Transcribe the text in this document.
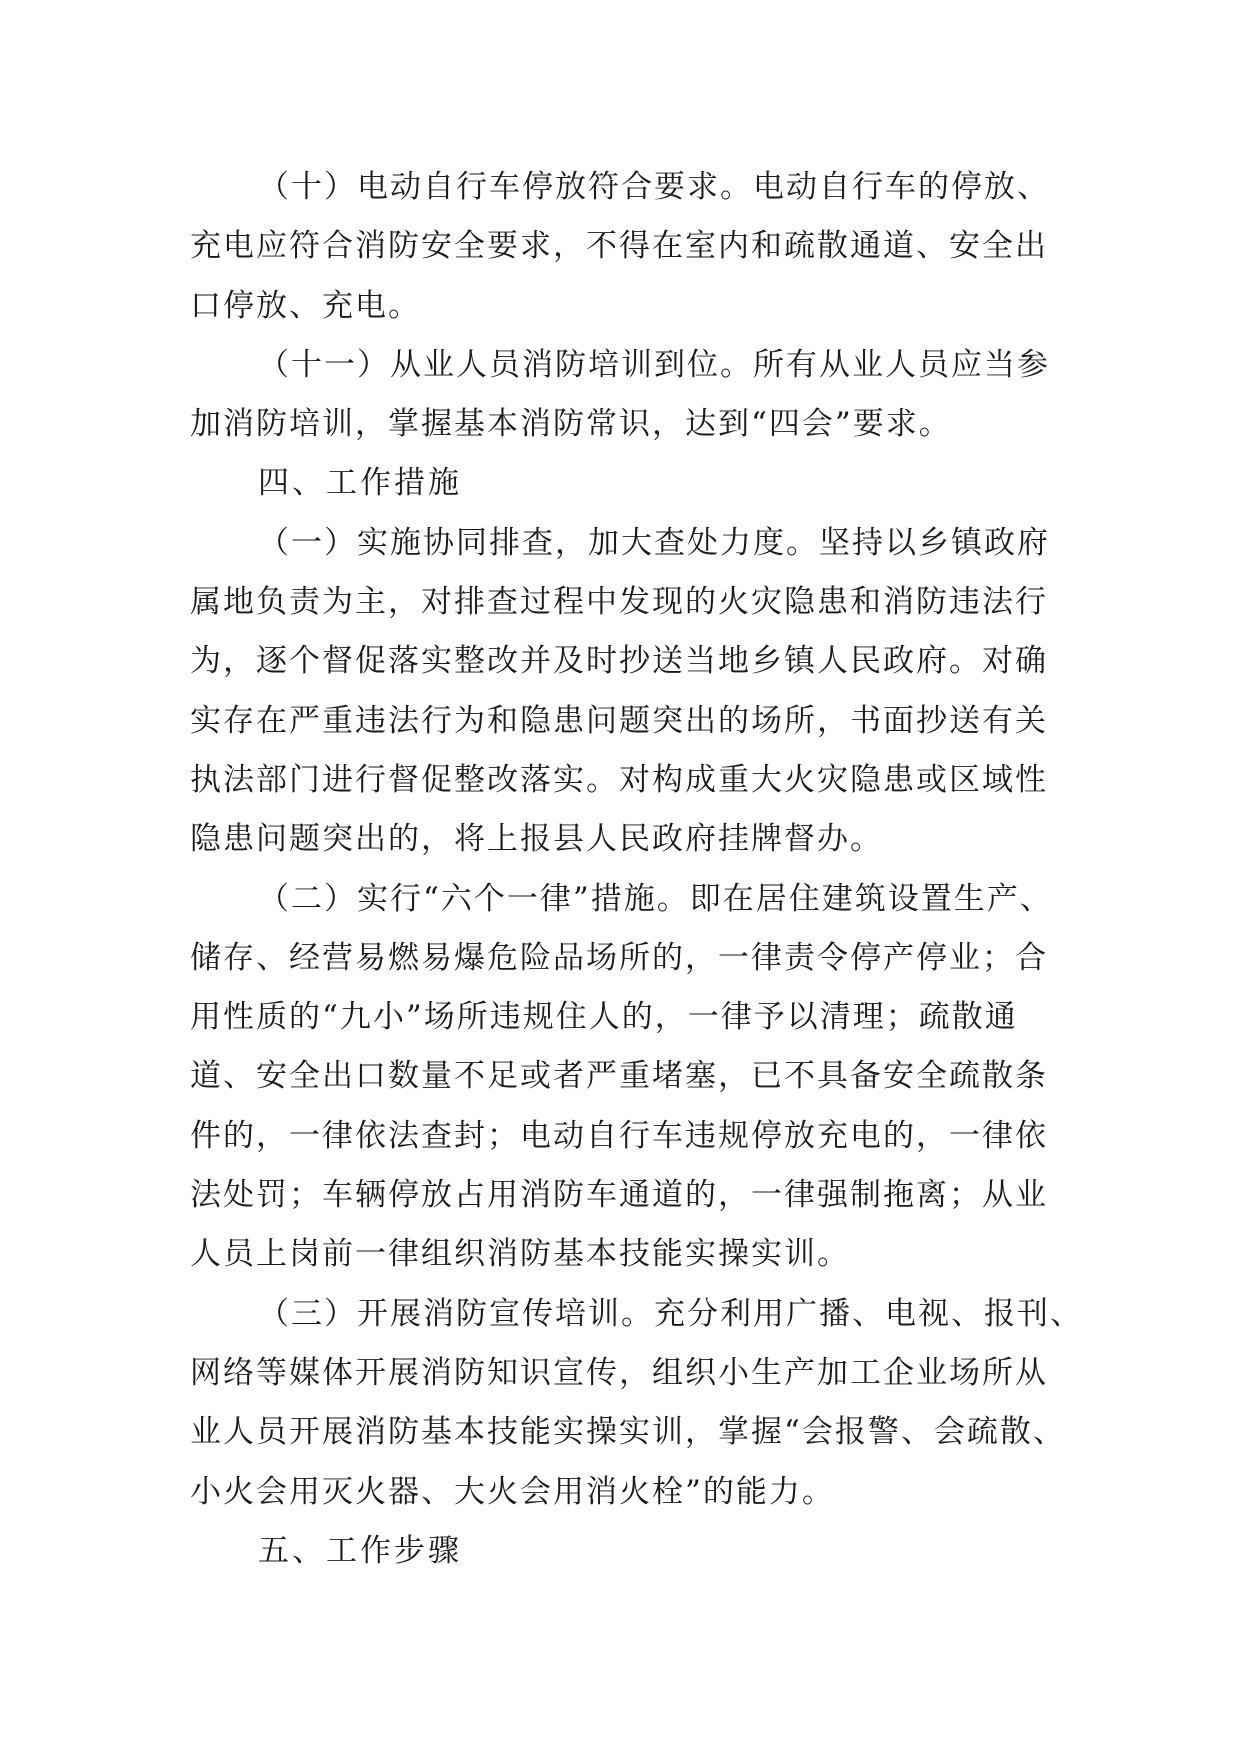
（十）电动自行车停放符合要求。电动自行车的停放、
充电应符合消防安全要求，不得在室内和疏散通道、安全出
口停放、充电。
（十一）从业人员消防培训到位。所有从业人员应当参
加消防培训，掌握基本消防常识，达到“四会”要求。
四、工作措施
（一）实施协同排查，加大查处力度。坚持以乡镇政府
属地负责为主，对排查过程中发现的火灾隐患和消防违法行
为，逐个督促落实整改并及时抄送当地乡镇人民政府。对确
实存在严重违法行为和隐患问题突出的场所，书面抄送有关
执法部门进行督促整改落实。对构成重大火灾隐患或区域性
隐患问题突出的，将上报县人民政府挂牌督办。
（二）实行“六个一律”措施。即在居住建筑设置生产、
储存、经营易燃易爆危险品场所的，一律责令停产停业；合
用性质的“九小”场所违规住人的，一律予以清理；疏散通
道、安全出口数量不足或者严重堵塞，已不具备安全疏散条
件的，一律依法查封；电动自行车违规停放充电的，一律依
法处罚；车辆停放占用消防车通道的，一律强制拖离；从业
人员上岗前一律组织消防基本技能实操实训。
（三）开展消防宣传培训。充分利用广播、电视、报刊、
网络等媒体开展消防知识宣传，组织小生产加工企业场所从
业人员开展消防基本技能实操实训，掌握“会报警、会疏散、
小火会用灭火器、大火会用消火栓”的能力。
五、工作步骤
